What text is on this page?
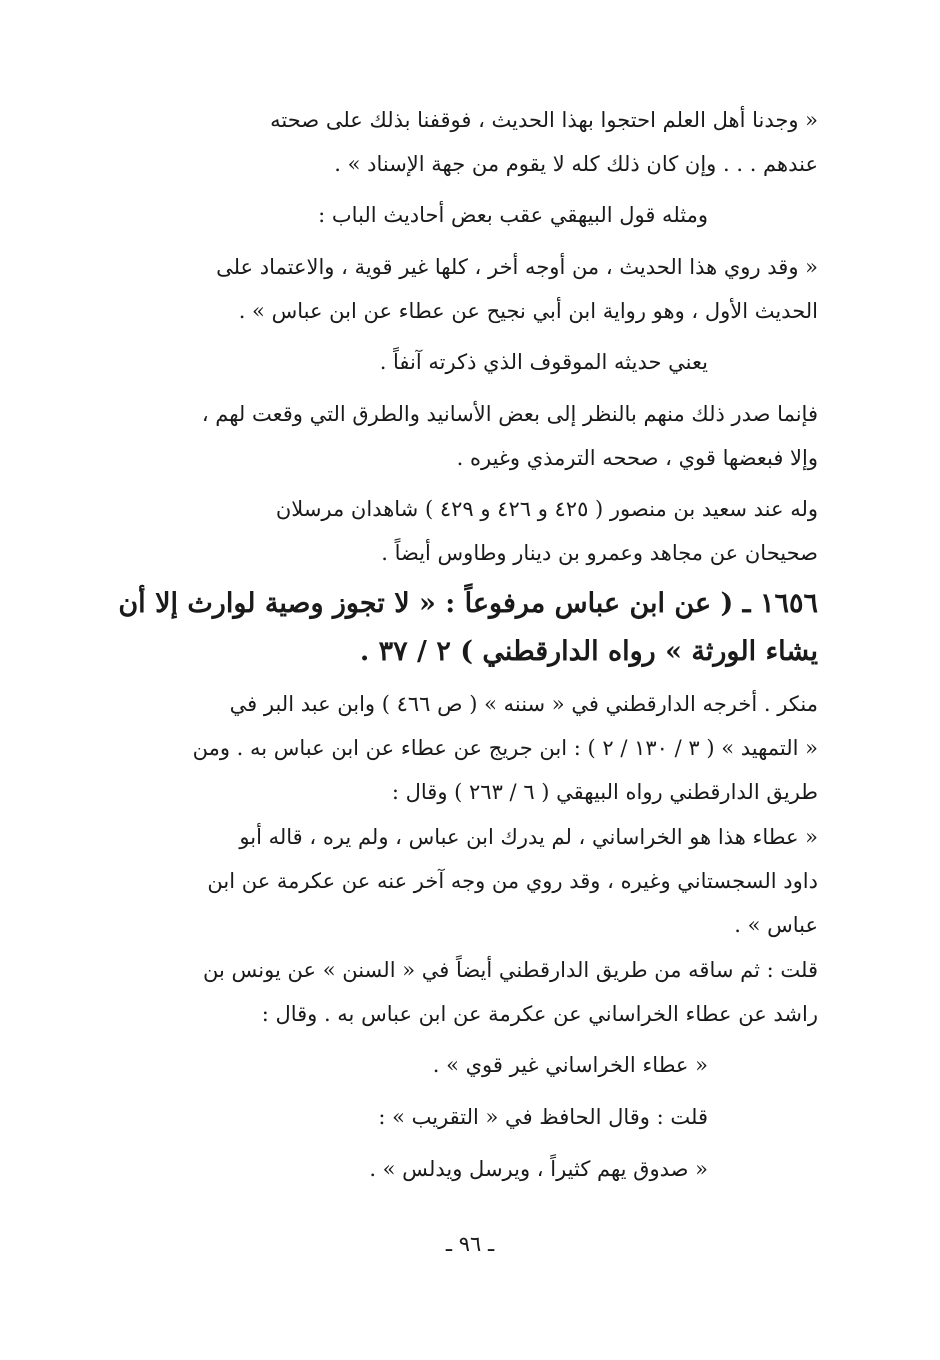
« وجدنا أهل العلم احتجوا بهذا الحديث ، فوقفنا بذلك على صحته
عندهم . . . وإن كان ذلك كله لا يقوم من جهة الإسناد » .
ومثله قول البيهقي عقب بعض أحاديث الباب :
« وقد روي هذا الحديث ، من أوجه أخر ، كلها غير قوية ، والاعتماد على
الحديث الأول ، وهو رواية ابن أبي نجيح عن عطاء عن ابن عباس » .
يعني حديثه الموقوف الذي ذكرته آنفاً .
فإنما صدر ذلك منهم بالنظر إلى بعض الأسانيد والطرق التي وقعت لهم ،
وإلا فبعضها قوي ، صححه الترمذي وغيره .
وله عند سعيد بن منصور ( ٤٢٥ و ٤٢٦ و ٤٢٩ ) شاهدان مرسلان
صحيحان عن مجاهد وعمرو بن دينار وطاوس أيضاً .
١٦٥٦ ـ ( عن ابن عباس مرفوعاً : « لا تجوز وصية لوارث إلا أن
يشاء الورثة » رواه الدارقطني ) ٢ / ٣٧ .
منكر . أخرجه الدارقطني في « سننه » ( ص ٤٦٦ ) وابن عبد البر في
« التمهيد » ( ٣ / ١٣٠ / ٢ ) : ابن جريج عن عطاء عن ابن عباس به . ومن
طريق الدارقطني رواه البيهقي ( ٦ / ٢٦٣ ) وقال :
« عطاء هذا هو الخراساني ، لم يدرك ابن عباس ، ولم يره ، قاله أبو
داود السجستاني وغيره ، وقد روي من وجه آخر عنه عن عكرمة عن ابن
عباس » .
قلت : ثم ساقه من طريق الدارقطني أيضاً في « السنن » عن يونس بن
راشد عن عطاء الخراساني عن عكرمة عن ابن عباس به . وقال :
« عطاء الخراساني غير قوي » .
قلت : وقال الحافظ في « التقريب » :
« صدوق يهم كثيراً ، ويرسل ويدلس » .
ـ ٩٦ ـ
